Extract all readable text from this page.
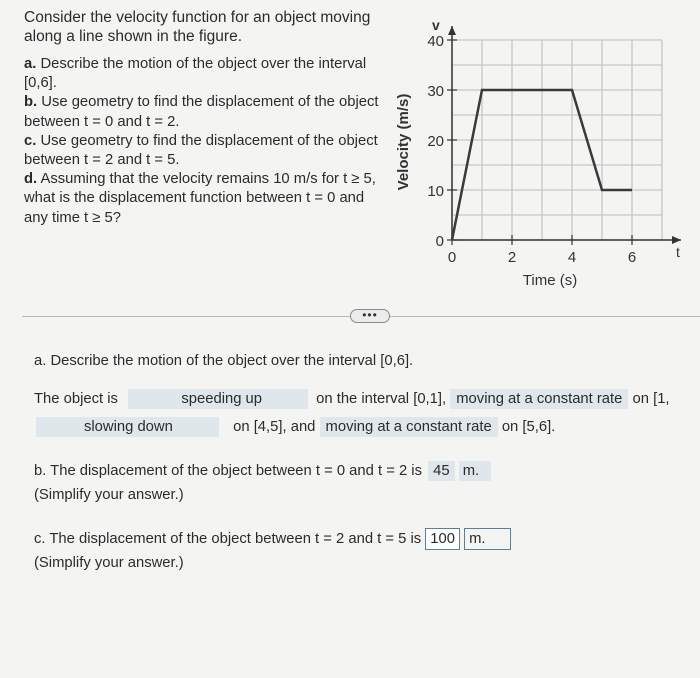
Consider the velocity function for an object moving along a line shown in the figure.
a. Describe the motion of the object over the interval [0,6].
b. Use geometry to find the displacement of the object between t = 0 and t = 2.
c. Use geometry to find the displacement of the object between t = 2 and t = 5.
d. Assuming that the velocity remains 10 m/s for t ≥ 5, what is the displacement function between t = 0 and any time t ≥ 5?
0
10
20
30
40
0	2	4	6
Velocity (m/s)
Time (s)
v
t
•••
a. Describe the motion of the object over the interval [0,6].
The object is	speeding up	on the interval [0,1], moving at a constant rate on [1,
slowing down	on [4,5], and moving at a constant rate on [5,6].
b. The displacement of the object between t = 0 and t = 2 is 45 m.
(Simplify your answer.)
c. The displacement of the object between t = 2 and t = 5 is 100 m.
(Simplify your answer.)
